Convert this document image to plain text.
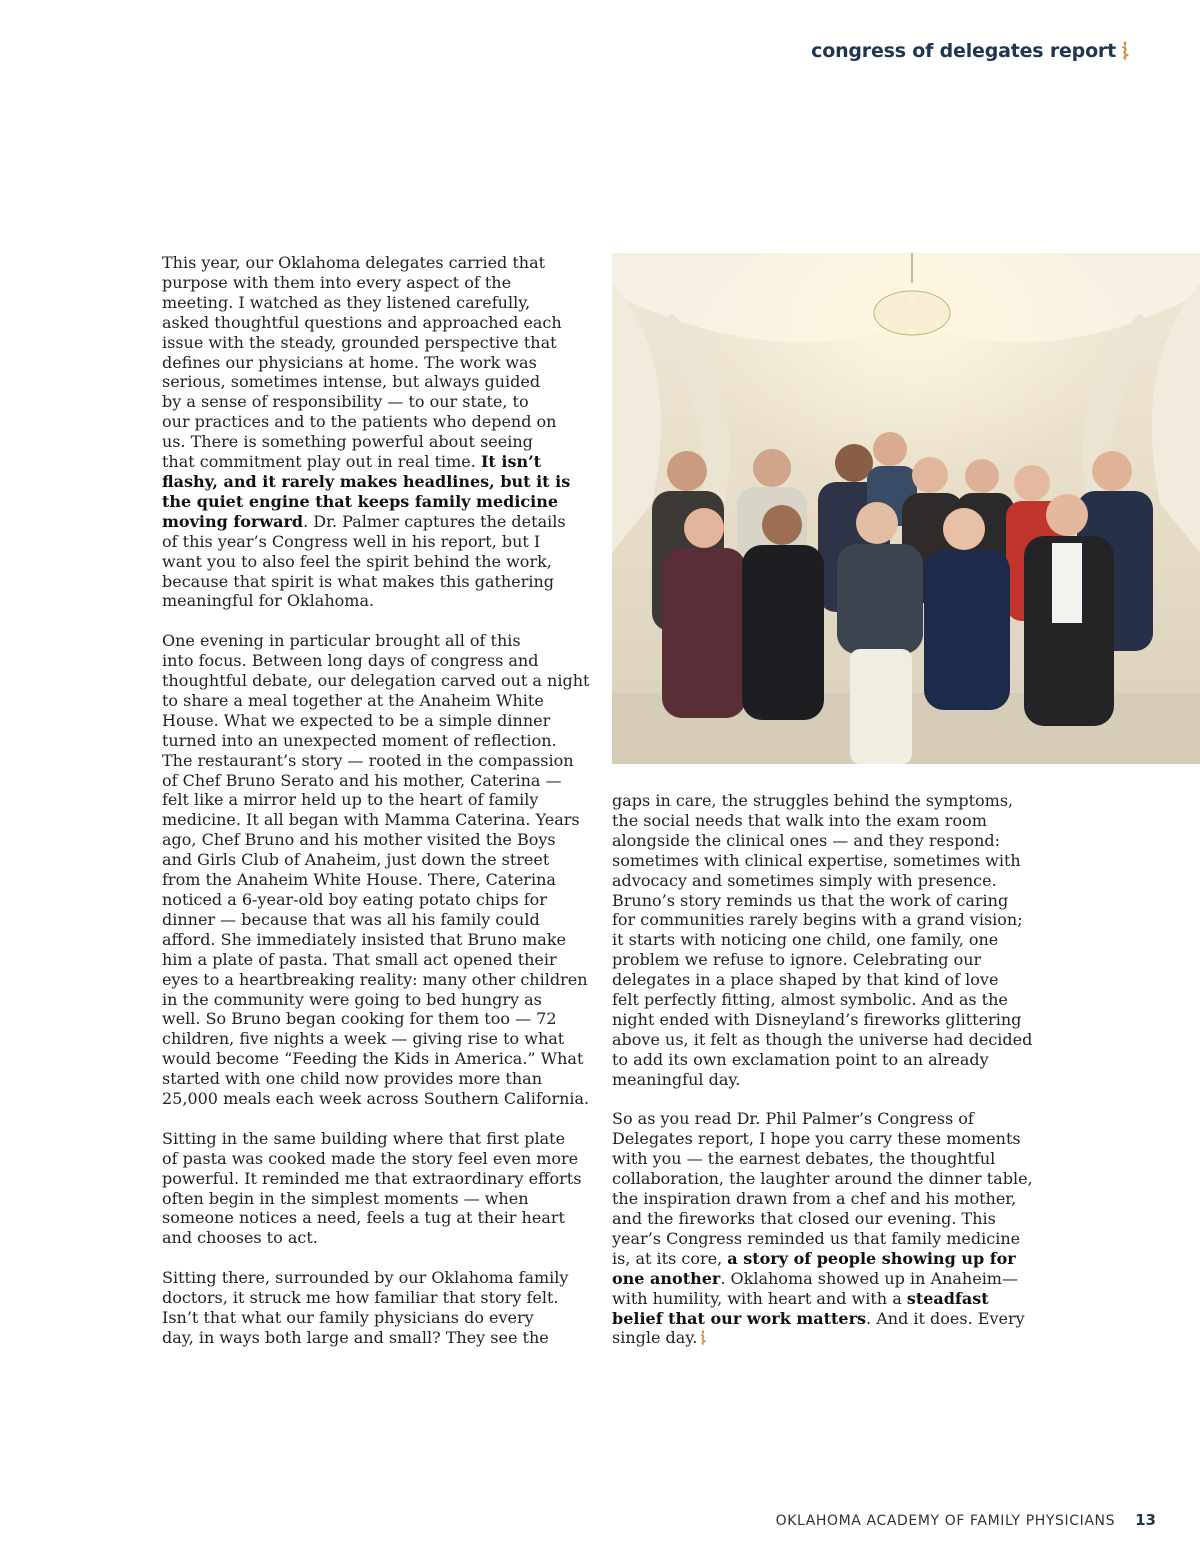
congress of delegates report

This year, our Oklahoma delegates carried that
purpose with them into every aspect of the
meeting. I watched as they listened carefully,
asked thoughtful questions and approached each
issue with the steady, grounded perspective that
defines our physicians at home. The work was
serious, sometimes intense, but always guided
by a sense of responsibility — to our state, to
our practices and to the patients who depend on
us. There is something powerful about seeing
that commitment play out in real time. It isn’t
flashy, and it rarely makes headlines, but it is
the quiet engine that keeps family medicine
moving forward. Dr. Palmer captures the details
of this year’s Congress well in his report, but I
want you to also feel the spirit behind the work,
because that spirit is what makes this gathering
meaningful for Oklahoma.

One evening in particular brought all of this
into focus. Between long days of congress and
thoughtful debate, our delegation carved out a night
to share a meal together at the Anaheim White
House. What we expected to be a simple dinner
turned into an unexpected moment of reflection.
The restaurant’s story — rooted in the compassion
of Chef Bruno Serato and his mother, Caterina —
felt like a mirror held up to the heart of family
medicine. It all began with Mamma Caterina. Years
ago, Chef Bruno and his mother visited the Boys
and Girls Club of Anaheim, just down the street
from the Anaheim White House. There, Caterina
noticed a 6-year-old boy eating potato chips for
dinner — because that was all his family could
afford. She immediately insisted that Bruno make
him a plate of pasta. That small act opened their
eyes to a heartbreaking reality: many other children
in the community were going to bed hungry as
well. So Bruno began cooking for them too — 72
children, five nights a week — giving rise to what
would become “Feeding the Kids in America.” What
started with one child now provides more than
25,000 meals each week across Southern California.

Sitting in the same building where that first plate
of pasta was cooked made the story feel even more
powerful. It reminded me that extraordinary efforts
often begin in the simplest moments — when
someone notices a need, feels a tug at their heart
and chooses to act.

Sitting there, surrounded by our Oklahoma family
doctors, it struck me how familiar that story felt.
Isn’t that what our family physicians do every
day, in ways both large and small? They see the

gaps in care, the struggles behind the symptoms,
the social needs that walk into the exam room
alongside the clinical ones — and they respond:
sometimes with clinical expertise, sometimes with
advocacy and sometimes simply with presence.
Bruno’s story reminds us that the work of caring
for communities rarely begins with a grand vision;
it starts with noticing one child, one family, one
problem we refuse to ignore. Celebrating our
delegates in a place shaped by that kind of love
felt perfectly fitting, almost symbolic. And as the
night ended with Disneyland’s fireworks glittering
above us, it felt as though the universe had decided
to add its own exclamation point to an already
meaningful day.

So as you read Dr. Phil Palmer’s Congress of
Delegates report, I hope you carry these moments
with you — the earnest debates, the thoughtful
collaboration, the laughter around the dinner table,
the inspiration drawn from a chef and his mother,
and the fireworks that closed our evening. This
year’s Congress reminded us that family medicine
is, at its core, a story of people showing up for
one another. Oklahoma showed up in Anaheim—
with humility, with heart and with a steadfast
belief that our work matters. And it does. Every
single day.

OKLAHOMA ACADEMY OF FAMILY PHYSICIANS 13
